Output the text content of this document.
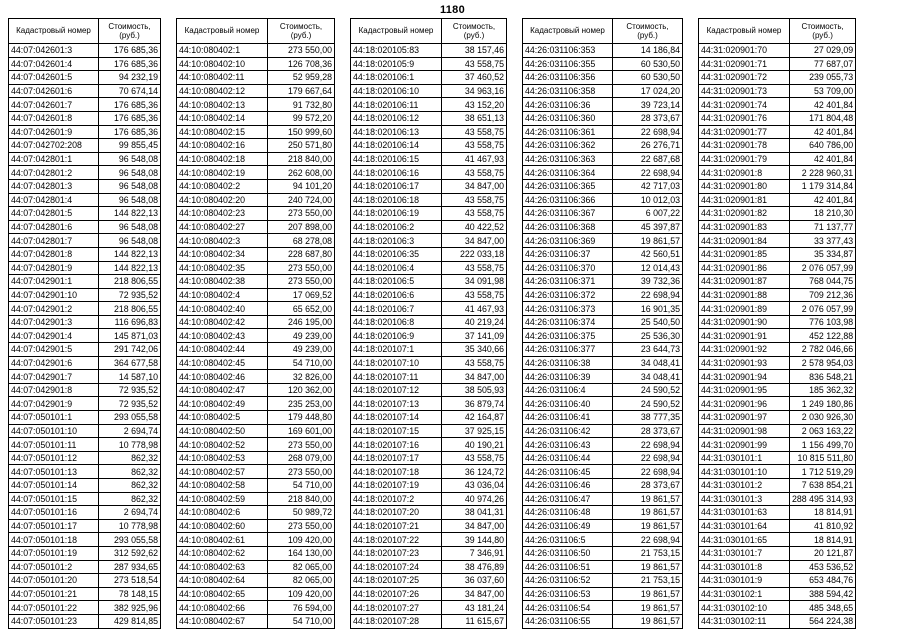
1180
Кадастровый номер	Стоимость, (руб.)
44:07:042601:3	176 685,36
44:07:042601:4	176 685,36
44:07:042601:5	94 232,19
44:07:042601:6	70 674,14
44:07:042601:7	176 685,36
44:07:042601:8	176 685,36
44:07:042601:9	176 685,36
44:07:042702:208	99 855,45
44:07:042801:1	96 548,08
44:07:042801:2	96 548,08
44:07:042801:3	96 548,08
44:07:042801:4	96 548,08
44:07:042801:5	144 822,13
44:07:042801:6	96 548,08
44:07:042801:7	96 548,08
44:07:042801:8	144 822,13
44:07:042801:9	144 822,13
44:07:042901:1	218 806,55
44:07:042901:10	72 935,52
44:07:042901:2	218 806,55
44:07:042901:3	116 696,83
44:07:042901:4	145 871,03
44:07:042901:5	291 742,06
44:07:042901:6	364 677,58
44:07:042901:7	14 587,10
44:07:042901:8	72 935,52
44:07:042901:9	72 935,52
44:07:050101:1	293 055,58
44:07:050101:10	2 694,74
44:07:050101:11	10 778,98
44:07:050101:12	862,32
44:07:050101:13	862,32
44:07:050101:14	862,32
44:07:050101:15	862,32
44:07:050101:16	2 694,74
44:07:050101:17	10 778,98
44:07:050101:18	293 055,58
44:07:050101:19	312 592,62
44:07:050101:2	287 934,65
44:07:050101:20	273 518,54
44:07:050101:21	78 148,15
44:07:050101:22	382 925,96
44:07:050101:23	429 814,85
Кадастровый номер	Стоимость, (руб.)
44:10:080402:1	273 550,00
44:10:080402:10	126 708,36
44:10:080402:11	52 959,28
44:10:080402:12	179 667,64
44:10:080402:13	91 732,80
44:10:080402:14	99 572,20
44:10:080402:15	150 999,60
44:10:080402:16	250 571,80
44:10:080402:18	218 840,00
44:10:080402:19	262 608,00
44:10:080402:2	94 101,20
44:10:080402:20	240 724,00
44:10:080402:23	273 550,00
44:10:080402:27	207 898,00
44:10:080402:3	68 278,08
44:10:080402:34	228 687,80
44:10:080402:35	273 550,00
44:10:080402:38	273 550,00
44:10:080402:4	17 069,52
44:10:080402:40	65 652,00
44:10:080402:42	246 195,00
44:10:080402:43	49 239,00
44:10:080402:44	49 239,00
44:10:080402:45	54 710,00
44:10:080402:46	32 826,00
44:10:080402:47	120 362,00
44:10:080402:49	235 253,00
44:10:080402:5	179 448,80
44:10:080402:50	169 601,00
44:10:080402:52	273 550,00
44:10:080402:53	268 079,00
44:10:080402:57	273 550,00
44:10:080402:58	54 710,00
44:10:080402:59	218 840,00
44:10:080402:6	50 989,72
44:10:080402:60	273 550,00
44:10:080402:61	109 420,00
44:10:080402:62	164 130,00
44:10:080402:63	82 065,00
44:10:080402:64	82 065,00
44:10:080402:65	109 420,00
44:10:080402:66	76 594,00
44:10:080402:67	54 710,00
Кадастровый номер	Стоимость, (руб.)
44:18:020105:83	38 157,46
44:18:020105:9	43 558,75
44:18:020106:1	37 460,52
44:18:020106:10	34 963,16
44:18:020106:11	43 152,20
44:18:020106:12	38 651,13
44:18:020106:13	43 558,75
44:18:020106:14	43 558,75
44:18:020106:15	41 467,93
44:18:020106:16	43 558,75
44:18:020106:17	34 847,00
44:18:020106:18	43 558,75
44:18:020106:19	43 558,75
44:18:020106:2	40 422,52
44:18:020106:3	34 847,00
44:18:020106:35	222 033,18
44:18:020106:4	43 558,75
44:18:020106:5	34 091,98
44:18:020106:6	43 558,75
44:18:020106:7	41 467,93
44:18:020106:8	40 219,24
44:18:020106:9	37 141,09
44:18:020107:1	35 340,66
44:18:020107:10	43 558,75
44:18:020107:11	34 847,00
44:18:020107:12	38 505,93
44:18:020107:13	36 879,74
44:18:020107:14	42 164,87
44:18:020107:15	37 925,15
44:18:020107:16	40 190,21
44:18:020107:17	43 558,75
44:18:020107:18	36 124,72
44:18:020107:19	43 036,04
44:18:020107:2	40 974,26
44:18:020107:20	38 041,31
44:18:020107:21	34 847,00
44:18:020107:22	39 144,80
44:18:020107:23	7 346,91
44:18:020107:24	38 476,89
44:18:020107:25	36 037,60
44:18:020107:26	34 847,00
44:18:020107:27	43 181,24
44:18:020107:28	11 615,67
Кадастровый номер	Стоимость, (руб.)
44:26:031106:353	14 186,84
44:26:031106:355	60 530,50
44:26:031106:356	60 530,50
44:26:031106:358	17 024,20
44:26:031106:36	39 723,14
44:26:031106:360	28 373,67
44:26:031106:361	22 698,94
44:26:031106:362	26 276,71
44:26:031106:363	22 687,68
44:26:031106:364	22 698,94
44:26:031106:365	42 717,03
44:26:031106:366	10 012,03
44:26:031106:367	6 007,22
44:26:031106:368	45 397,87
44:26:031106:369	19 861,57
44:26:031106:37	42 560,51
44:26:031106:370	12 014,43
44:26:031106:371	39 732,36
44:26:031106:372	22 698,94
44:26:031106:373	16 901,35
44:26:031106:374	25 540,50
44:26:031106:375	25 536,30
44:26:031106:377	23 644,73
44:26:031106:38	34 048,41
44:26:031106:39	34 048,41
44:26:031106:4	24 590,52
44:26:031106:40	24 590,52
44:26:031106:41	38 777,35
44:26:031106:42	28 373,67
44:26:031106:43	22 698,94
44:26:031106:44	22 698,94
44:26:031106:45	22 698,94
44:26:031106:46	28 373,67
44:26:031106:47	19 861,57
44:26:031106:48	19 861,57
44:26:031106:49	19 861,57
44:26:031106:5	22 698,94
44:26:031106:50	21 753,15
44:26:031106:51	19 861,57
44:26:031106:52	21 753,15
44:26:031106:53	19 861,57
44:26:031106:54	19 861,57
44:26:031106:55	19 861,57
Кадастровый номер	Стоимость, (руб.)
44:31:020901:70	27 029,09
44:31:020901:71	77 687,07
44:31:020901:72	239 055,73
44:31:020901:73	53 709,00
44:31:020901:74	42 401,84
44:31:020901:76	171 804,48
44:31:020901:77	42 401,84
44:31:020901:78	640 786,00
44:31:020901:79	42 401,84
44:31:020901:8	2 228 960,31
44:31:020901:80	1 179 314,84
44:31:020901:81	42 401,84
44:31:020901:82	18 210,30
44:31:020901:83	71 137,77
44:31:020901:84	33 377,43
44:31:020901:85	35 334,87
44:31:020901:86	2 076 057,99
44:31:020901:87	768 044,75
44:31:020901:88	709 212,36
44:31:020901:89	2 076 057,99
44:31:020901:90	776 103,98
44:31:020901:91	452 122,88
44:31:020901:92	2 782 046,66
44:31:020901:93	2 578 954,03
44:31:020901:94	836 548,21
44:31:020901:95	185 362,32
44:31:020901:96	1 249 180,86
44:31:020901:97	2 030 926,30
44:31:020901:98	2 063 163,22
44:31:020901:99	1 156 499,70
44:31:030101:1	10 815 511,80
44:31:030101:10	1 712 519,29
44:31:030101:2	7 638 854,21
44:31:030101:3	288 495 314,93
44:31:030101:63	18 814,91
44:31:030101:64	41 810,92
44:31:030101:65	18 814,91
44:31:030101:7	20 121,87
44:31:030101:8	453 536,52
44:31:030101:9	653 484,76
44:31:030102:1	388 594,42
44:31:030102:10	485 348,65
44:31:030102:11	564 224,38
